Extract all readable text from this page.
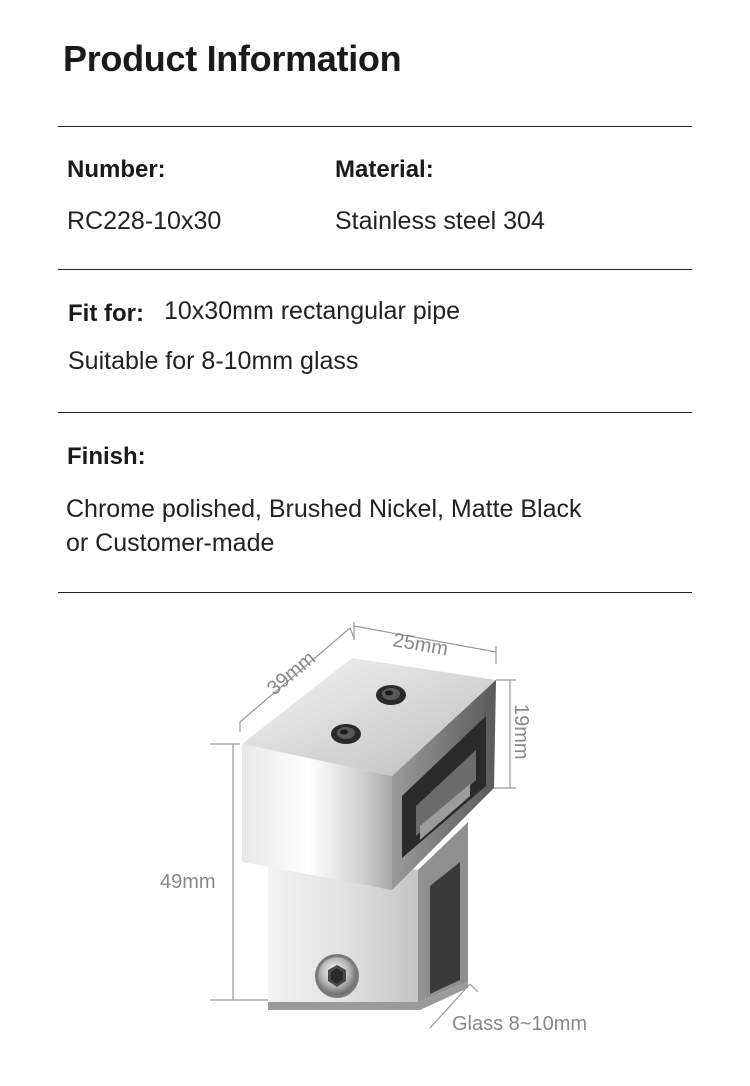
Product Information
Number:	Material:
RC228-10x30	Stainless steel 304
Fit for: 10x30mm rectangular pipe
Suitable for 8-10mm glass
Finish:
Chrome polished, Brushed Nickel, Matte Black
or Customer-made
39mm
25mm
19mm
49mm
Glass 8~10mm
